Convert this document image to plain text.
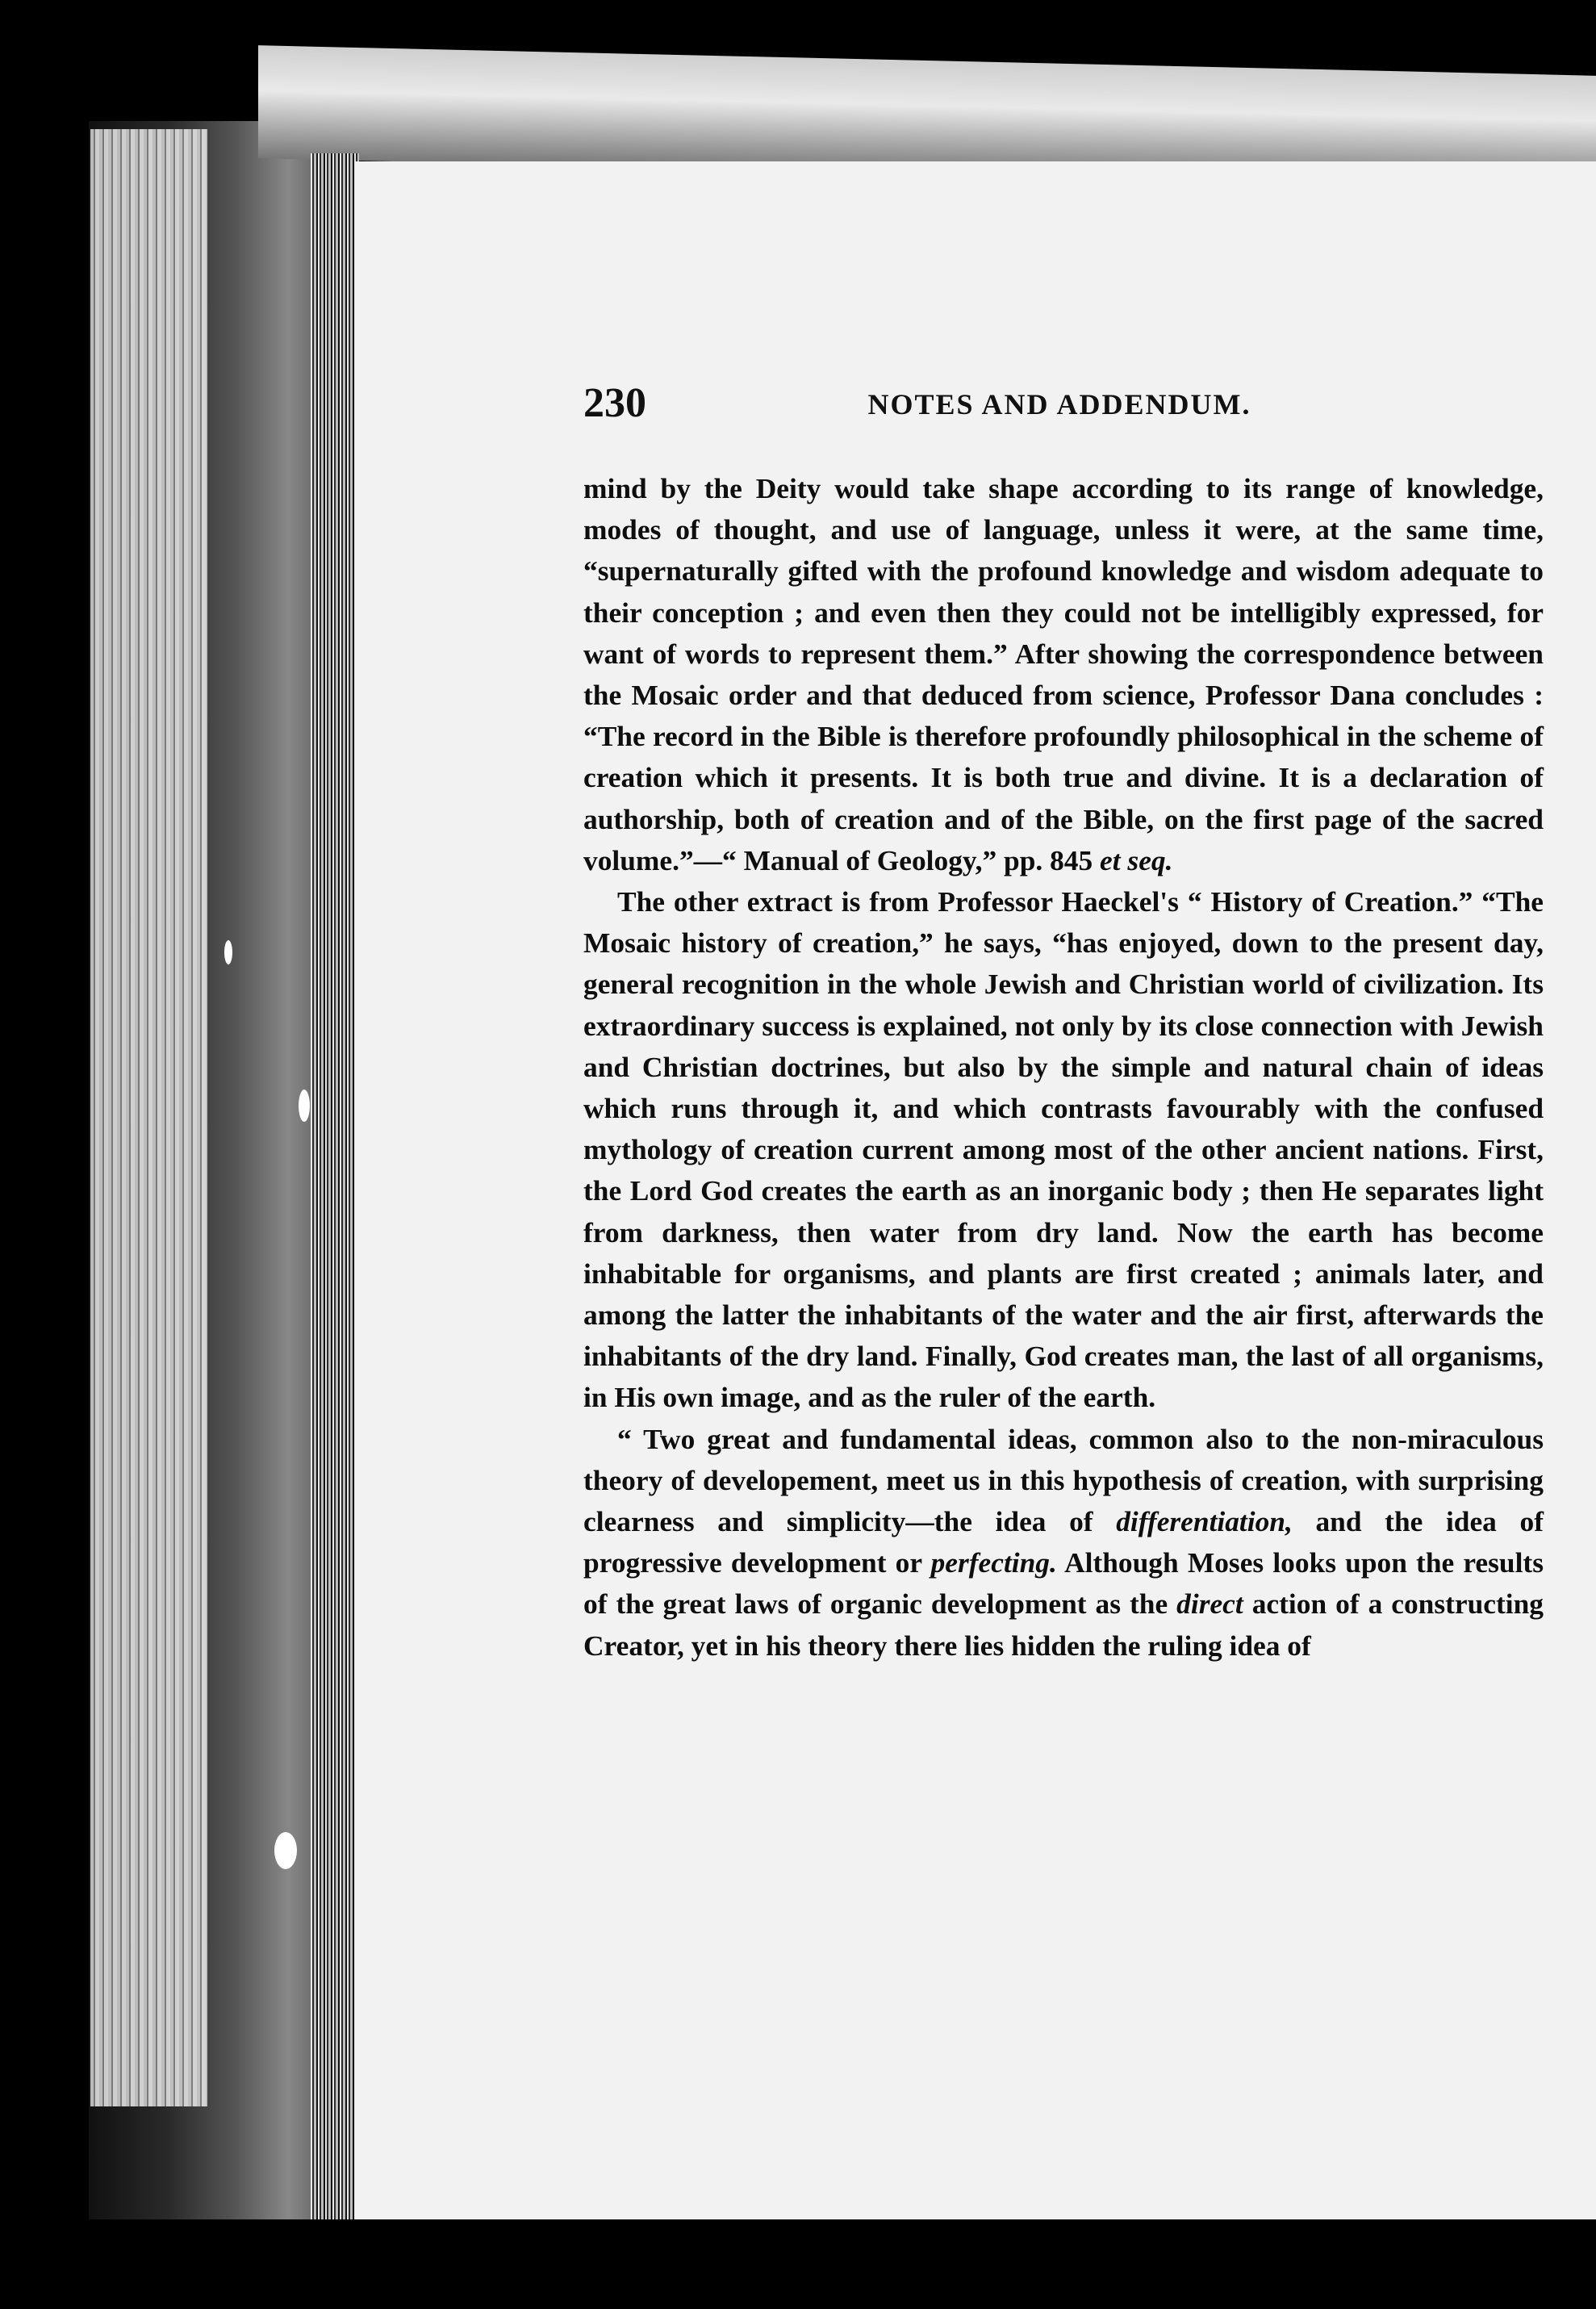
230	NOTES AND ADDENDUM.

mind by the Deity would take shape according to its range of knowledge, modes of thought, and use of language, unless it were, at the same time, “supernaturally gifted with the profound knowledge and wisdom adequate to their conception ; and even then they could not be intelligibly expressed, for want of words to represent them.” After showing the correspondence between the Mosaic order and that deduced from science, Professor Dana concludes : “The record in the Bible is therefore profoundly philosophical in the scheme of creation which it presents. It is both true and divine. It is a declaration of authorship, both of creation and of the Bible, on the first page of the sacred volume.”—“ Manual of Geology,” pp. 845 et seq.

The other extract is from Professor Haeckel's “ History of Creation.” “The Mosaic history of creation,” he says, “has enjoyed, down to the present day, general recognition in the whole Jewish and Christian world of civilization. Its extraordinary success is explained, not only by its close connection with Jewish and Christian doctrines, but also by the simple and natural chain of ideas which runs through it, and which contrasts favourably with the confused mythology of creation current among most of the other ancient nations. First, the Lord God creates the earth as an inorganic body ; then He separates light from darkness, then water from dry land. Now the earth has become inhabitable for organisms, and plants are first created ; animals later, and among the latter the inhabitants of the water and the air first, afterwards the inhabitants of the dry land. Finally, God creates man, the last of all organisms, in His own image, and as the ruler of the earth.

“ Two great and fundamental ideas, common also to the non-miraculous theory of developement, meet us in this hypothesis of creation, with surprising clearness and simplicity—the idea of differentiation, and the idea of progressive development or perfecting. Although Moses looks upon the results of the great laws of organic development as the direct action of a constructing Creator, yet in his theory there lies hidden the ruling idea of
